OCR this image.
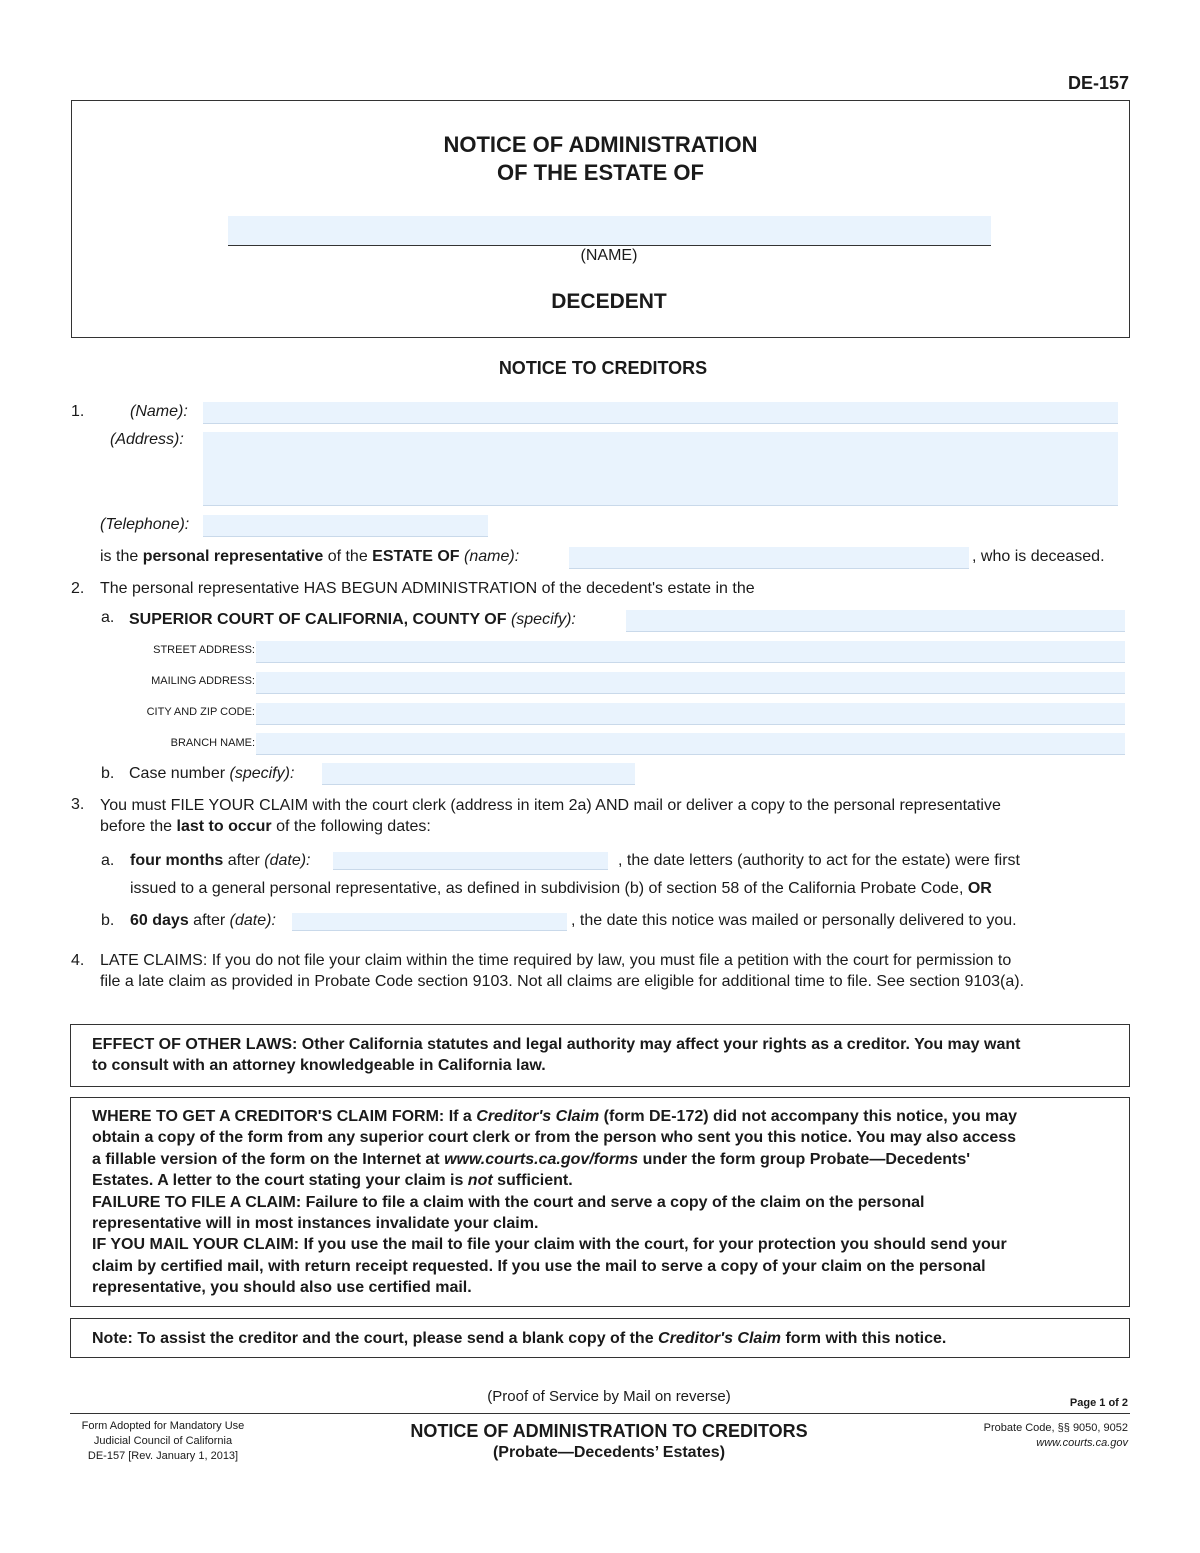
DE-157
NOTICE OF ADMINISTRATION
OF THE ESTATE OF
(NAME)
DECEDENT
NOTICE TO CREDITORS
1.	(Name):
(Address):
(Telephone):
is the personal representative of the ESTATE OF (name):	, who is deceased.
2. The personal representative HAS BEGUN ADMINISTRATION of the decedent's estate in the
a. SUPERIOR COURT OF CALIFORNIA, COUNTY OF (specify):
STREET ADDRESS:
MAILING ADDRESS:
CITY AND ZIP CODE:
BRANCH NAME:
b. Case number (specify):
3. You must FILE YOUR CLAIM with the court clerk (address in item 2a) AND mail or deliver a copy to the personal representative
before the last to occur of the following dates:
a. four months after (date):	, the date letters (authority to act for the estate) were first
issued to a general personal representative, as defined in subdivision (b) of section 58 of the California Probate Code, OR
b. 60 days after (date):	, the date this notice was mailed or personally delivered to you.
4. LATE CLAIMS: If you do not file your claim within the time required by law, you must file a petition with the court for permission to
file a late claim as provided in Probate Code section 9103. Not all claims are eligible for additional time to file. See section 9103(a).
EFFECT OF OTHER LAWS: Other California statutes and legal authority may affect your rights as a creditor. You may want
to consult with an attorney knowledgeable in California law.
WHERE TO GET A CREDITOR'S CLAIM FORM: If a Creditor's Claim (form DE-172) did not accompany this notice, you may
obtain a copy of the form from any superior court clerk or from the person who sent you this notice. You may also access
a fillable version of the form on the Internet at www.courts.ca.gov/forms under the form group Probate—Decedents'
Estates. A letter to the court stating your claim is not sufficient.
FAILURE TO FILE A CLAIM: Failure to file a claim with the court and serve a copy of the claim on the personal
representative will in most instances invalidate your claim.
IF YOU MAIL YOUR CLAIM: If you use the mail to file your claim with the court, for your protection you should send your
claim by certified mail, with return receipt requested. If you use the mail to serve a copy of your claim on the personal
representative, you should also use certified mail.
Note: To assist the creditor and the court, please send a blank copy of the Creditor's Claim form with this notice.
(Proof of Service by Mail on reverse)	Page 1 of 2
Form Adopted for Mandatory Use
Judicial Council of California
DE-157 [Rev. January 1, 2013]
NOTICE OF ADMINISTRATION TO CREDITORS
(Probate—Decedents’ Estates)
Probate Code, §§ 9050, 9052
www.courts.ca.gov
